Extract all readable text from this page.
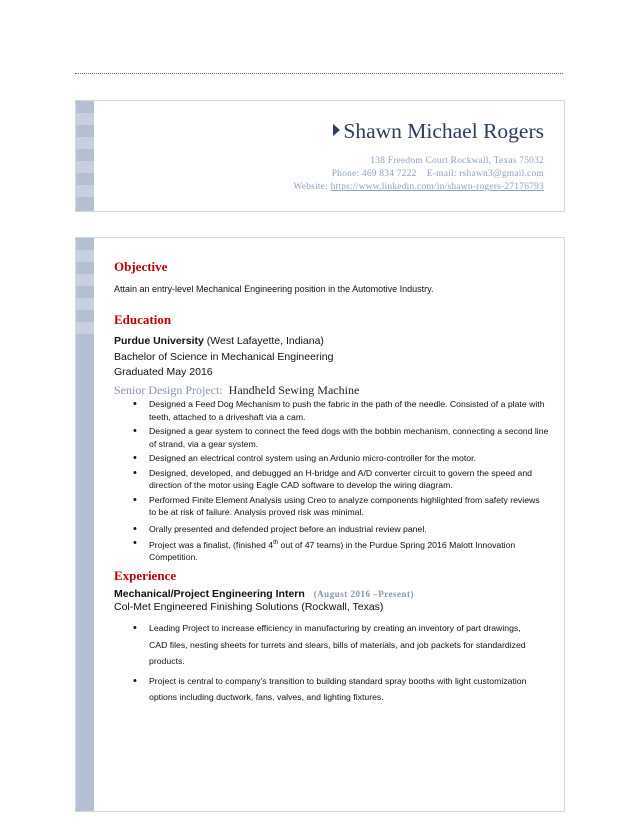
Shawn Michael Rogers
138 Freedom Court Rockwall, Texas 75032
Phone: 469 834 7222    E-mail: rshawn3@gmail.com
Website: https://www.linkedin.com/in/shawn-rogers-27176793
Objective
Attain an entry-level Mechanical Engineering position in the Automotive Industry.
Education
Purdue University (West Lafayette, Indiana)
Bachelor of Science in Mechanical Engineering
Graduated May 2016
Senior Design Project: Handheld Sewing Machine
• Designed a Feed Dog Mechanism to push the fabric in the path of the needle. Consisted of a plate with teeth, attached to a driveshaft via a cam.
• Designed a gear system to connect the feed dogs with the bobbin mechanism, connecting a second line of strand, via a gear system.
• Designed an electrical control system using an Ardunio micro-controller for the motor.
• Designed, developed, and debugged an H-bridge and A/D converter circuit to govern the speed and direction of the motor using Eagle CAD software to develop the wiring diagram.
• Performed Finite Element Analysis using Creo to analyze components highlighted from safety reviews to be at risk of failure. Analysis proved risk was minimal.
• Orally presented and defended project before an industrial review panel.
• Project was a finalist, (finished 4th out of 47 teams) in the Purdue Spring 2016 Malott Innovation Competition.
Experience
Mechanical/Project Engineering Intern (August 2016 –Present)
Col-Met Engineered Finishing Solutions (Rockwall, Texas)
• Leading Project to increase efficiency in manufacturing by creating an inventory of part drawings, CAD files, nesting sheets for turrets and slears, bills of materials, and job packets for standardized products.
• Project is central to company’s transition to building standard spray booths with light customization options including ductwork, fans, valves, and lighting fixtures.
